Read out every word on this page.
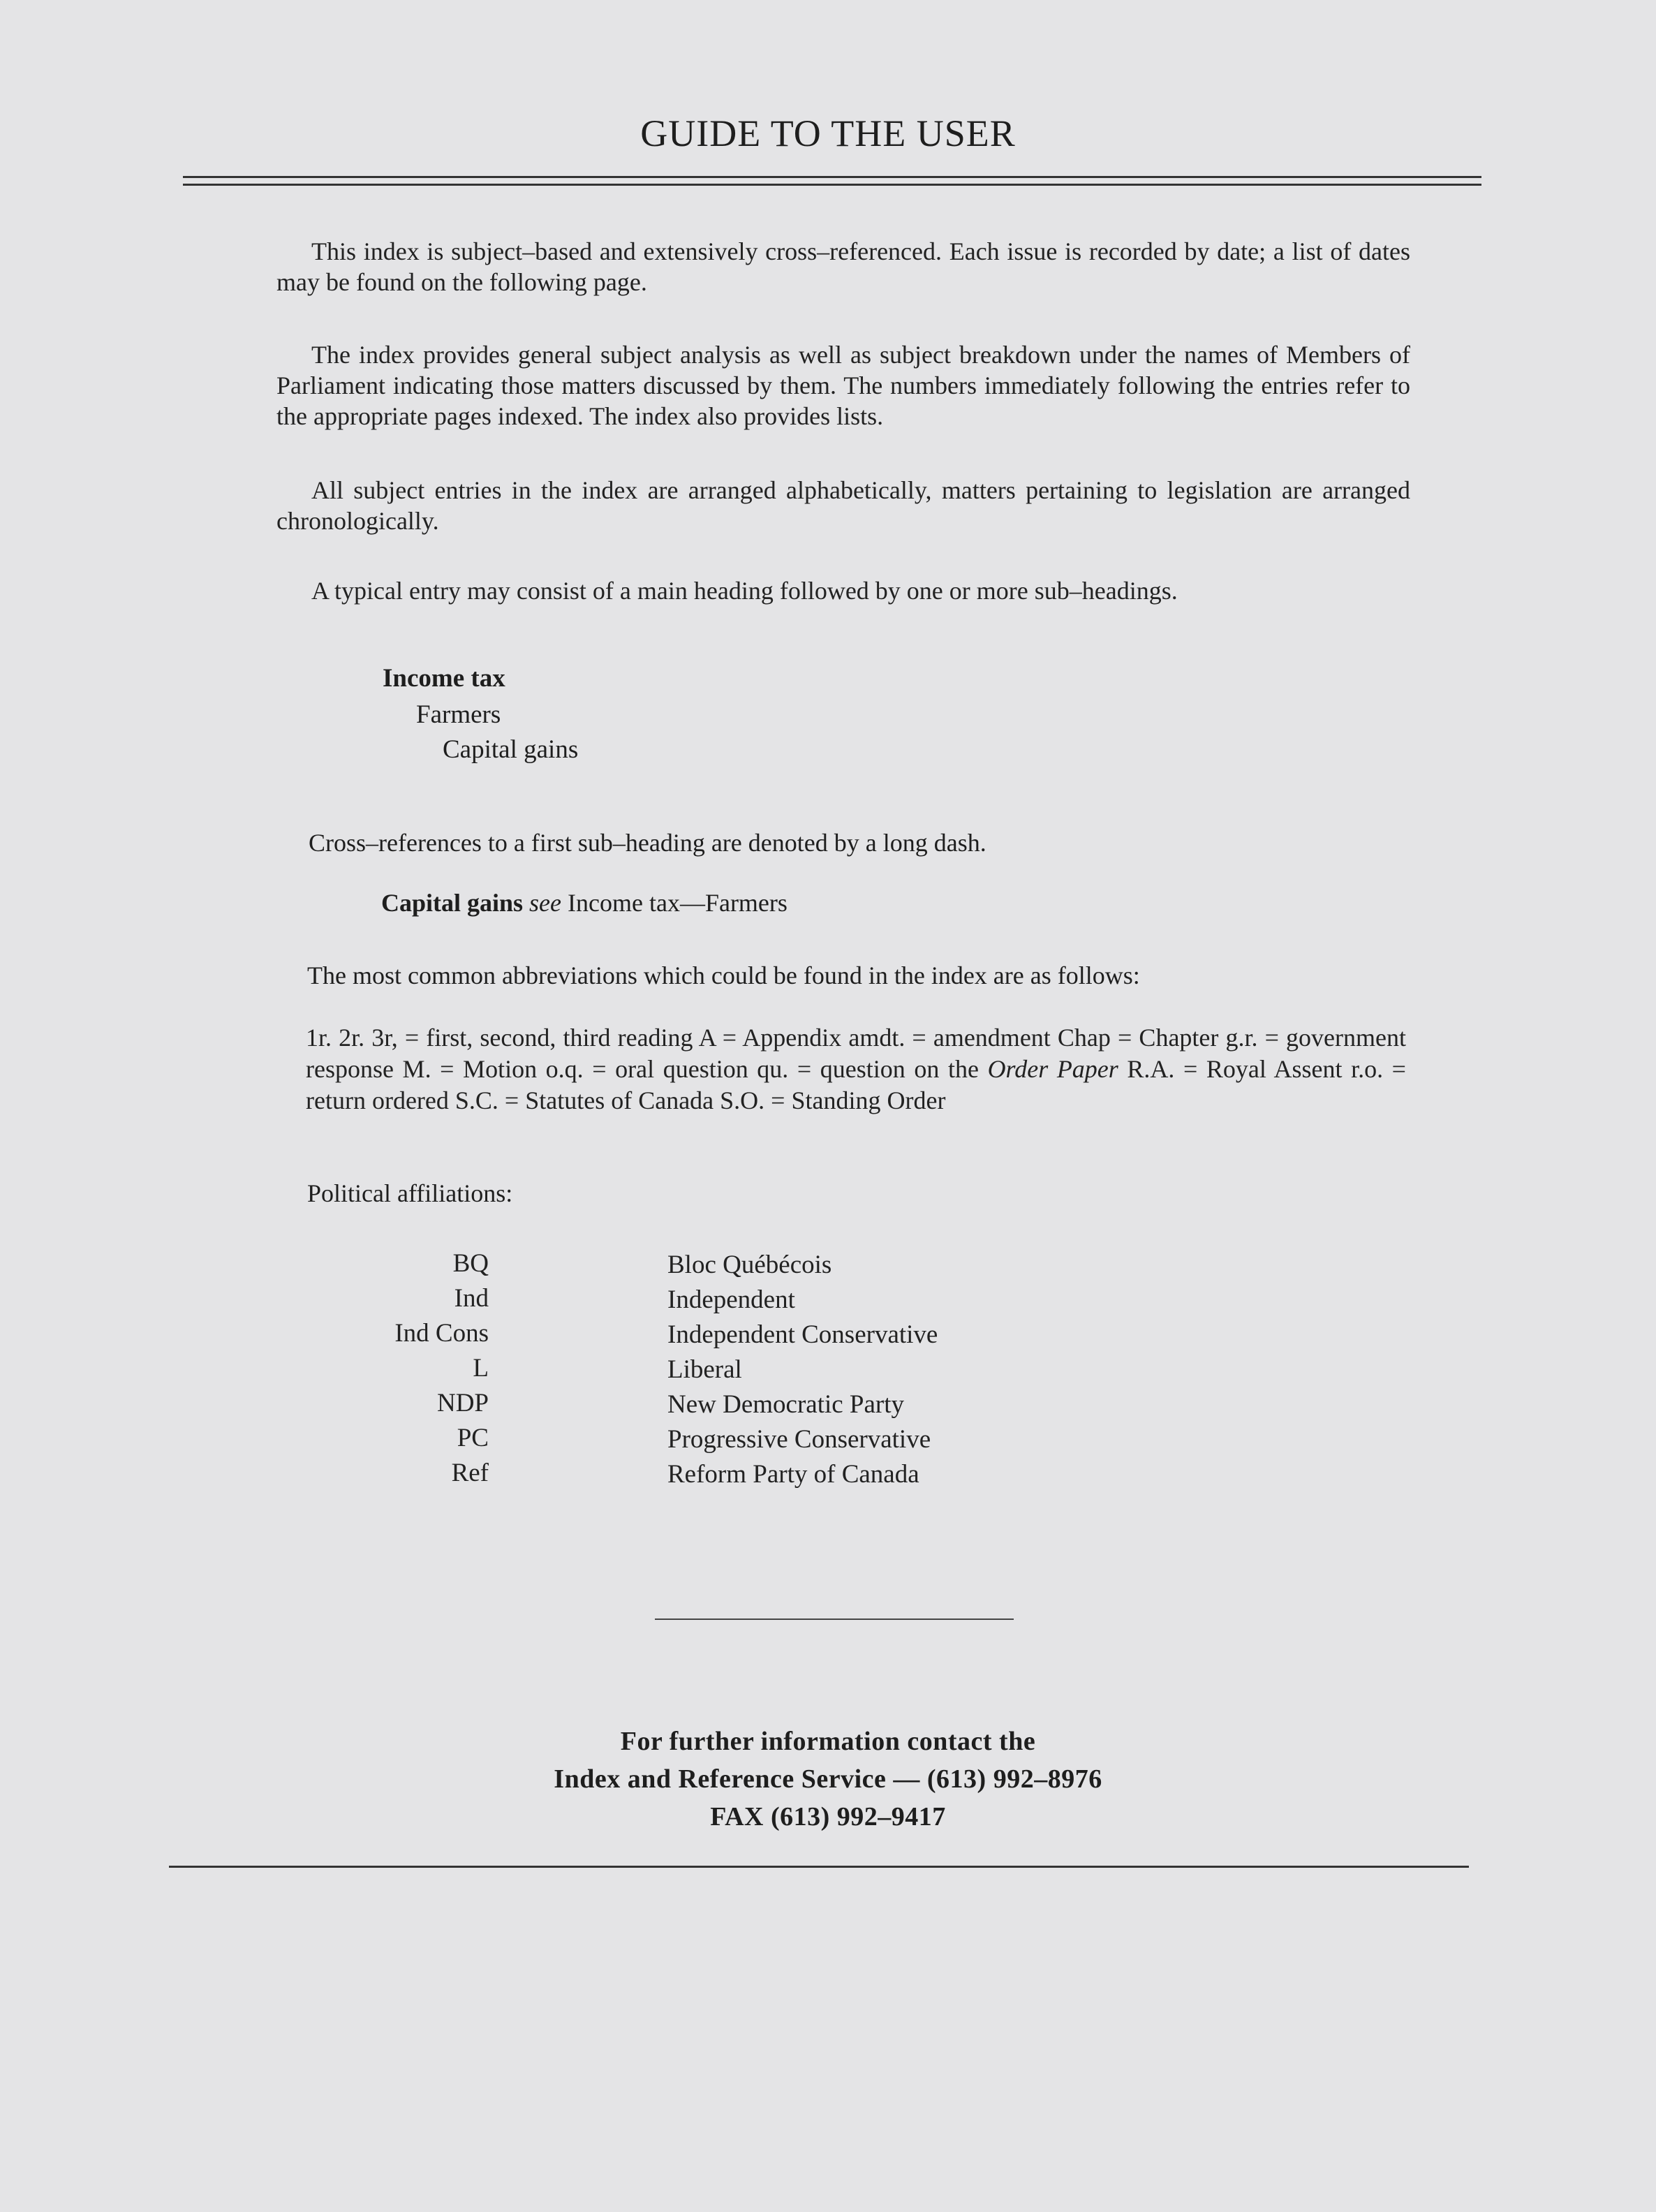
GUIDE TO THE USER

This index is subject–based and extensively cross–referenced. Each issue is recorded by date; a list of dates may be found on the following page.

The index provides general subject analysis as well as subject breakdown under the names of Members of Parliament indicating those matters discussed by them. The numbers immediately following the entries refer to the appropriate pages indexed. The index also provides lists.

All subject entries in the index are arranged alphabetically, matters pertaining to legislation are arranged chronologically.

A typical entry may consist of a main heading followed by one or more sub–headings.

Income tax
Farmers
Capital gains
Cross–references to a first sub–heading are denoted by a long dash.
Capital gains see Income tax—Farmers
The most common abbreviations which could be found in the index are as follows:
1r. 2r. 3r, = first, second, third reading A = Appendix amdt. = amendment Chap = Chapter g.r. = government response M. = Motion o.q. = oral question qu. = question on the Order Paper R.A. = Royal Assent r.o. = return ordered S.C. = Statutes of Canada S.O. = Standing Order
Political affiliations:
BQ	Bloc Québécois
Ind	Independent
Ind Cons	Independent Conservative
L	Liberal
NDP	New Democratic Party
PC	Progressive Conservative
Ref	Reform Party of Canada
For further information contact the
Index and Reference Service — (613) 992–8976
FAX (613) 992–9417
